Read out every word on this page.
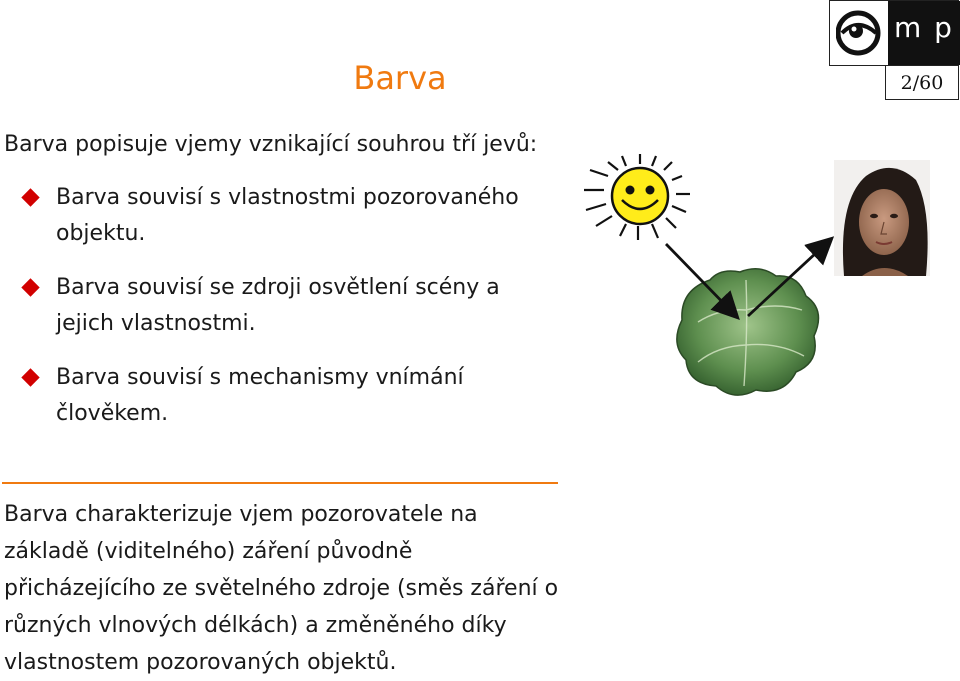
Barva
m p
2/60

Barva popisuje vjemy vznikající souhrou tří jevů:

Barva souvisí s vlastnostmi pozorovaného objektu.
Barva souvisí se zdroji osvětlení scény a jejich vlastnostmi.
Barva souvisí s mechanismy vnímání člověkem.

Barva charakterizuje vjem pozorovatele na základě (viditelného) záření původně přicházejícího ze světelného zdroje (směs záření o různých vlnových délkách) a změněného díky vlastnostem pozorovaných objektů.
